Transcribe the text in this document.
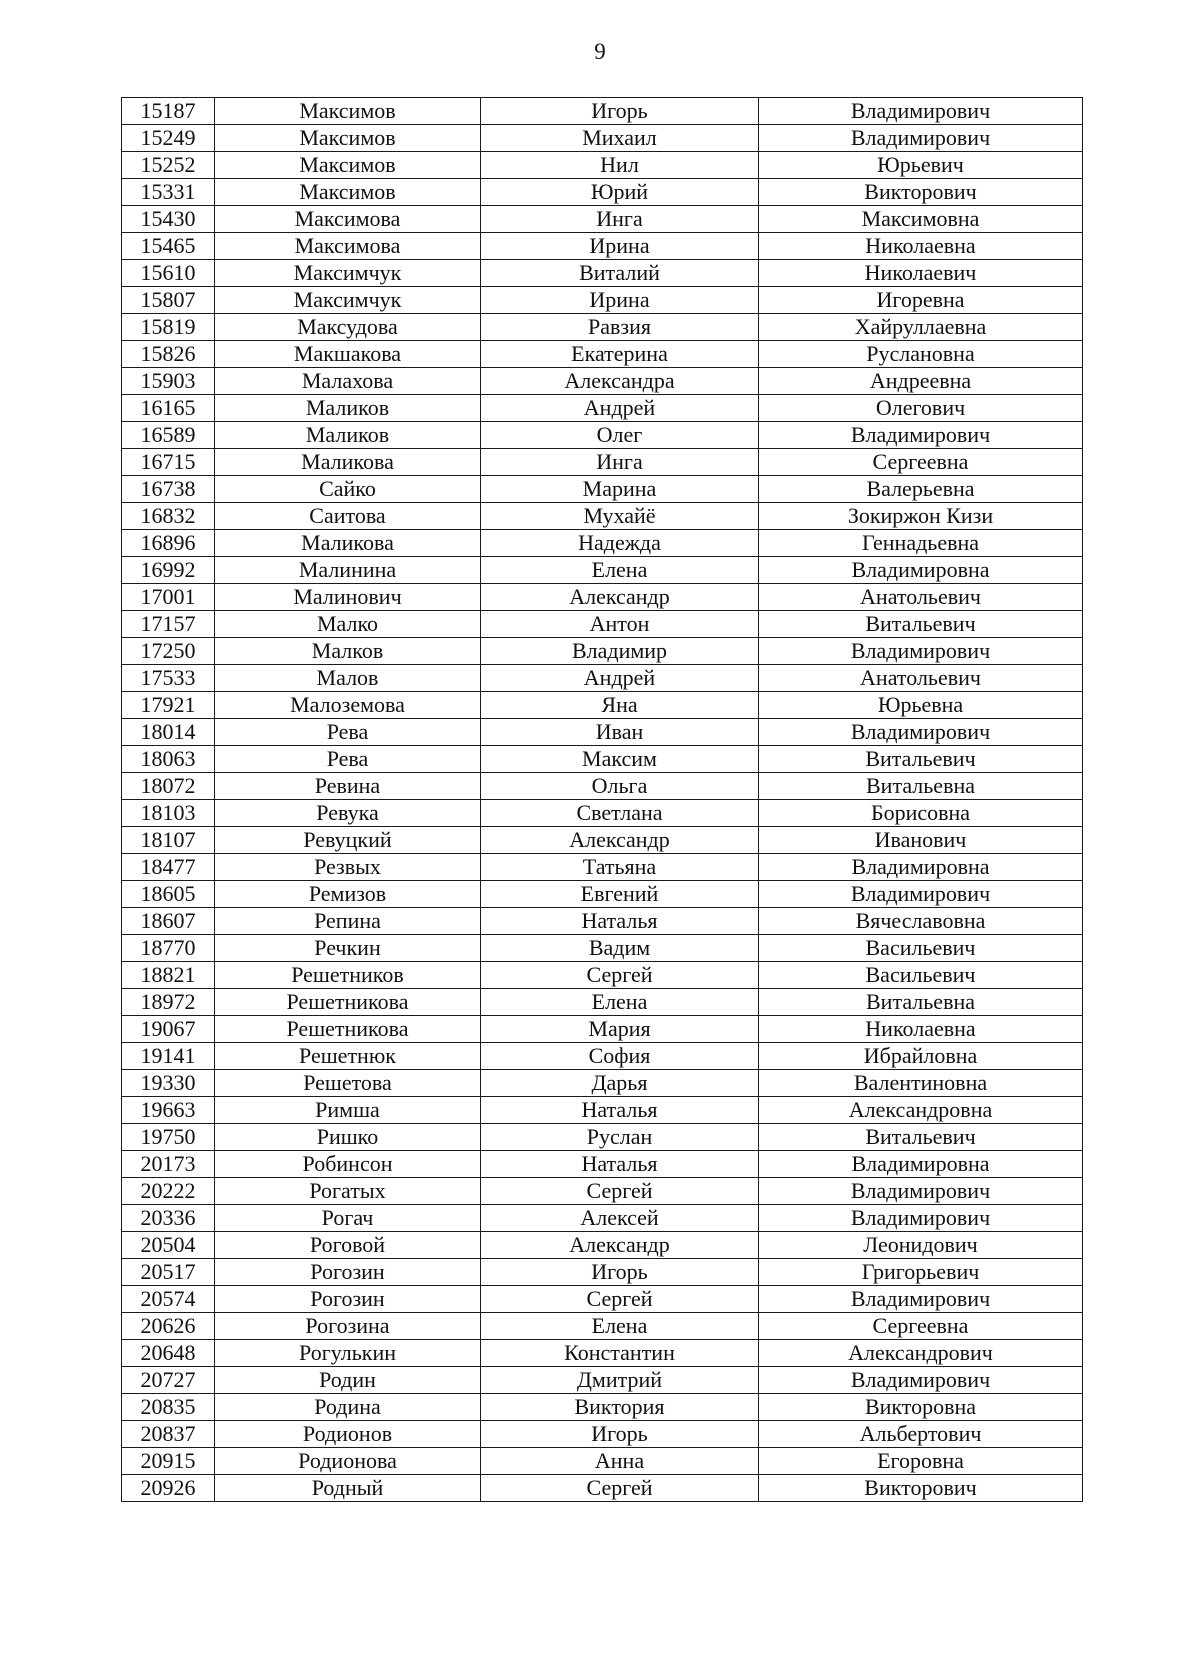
9
15187	Максимов	Игорь	Владимирович
15249	Максимов	Михаил	Владимирович
15252	Максимов	Нил	Юрьевич
15331	Максимов	Юрий	Викторович
15430	Максимова	Инга	Максимовна
15465	Максимова	Ирина	Николаевна
15610	Максимчук	Виталий	Николаевич
15807	Максимчук	Ирина	Игоревна
15819	Максудова	Равзия	Хайруллаевна
15826	Макшакова	Екатерина	Руслановна
15903	Малахова	Александра	Андреевна
16165	Маликов	Андрей	Олегович
16589	Маликов	Олег	Владимирович
16715	Маликова	Инга	Сергеевна
16738	Сайко	Марина	Валерьевна
16832	Саитова	Мухайё	Зокиржон Кизи
16896	Маликова	Надежда	Геннадьевна
16992	Малинина	Елена	Владимировна
17001	Малинович	Александр	Анатольевич
17157	Малко	Антон	Витальевич
17250	Малков	Владимир	Владимирович
17533	Малов	Андрей	Анатольевич
17921	Малоземова	Яна	Юрьевна
18014	Рева	Иван	Владимирович
18063	Рева	Максим	Витальевич
18072	Ревина	Ольга	Витальевна
18103	Ревука	Светлана	Борисовна
18107	Ревуцкий	Александр	Иванович
18477	Резвых	Татьяна	Владимировна
18605	Ремизов	Евгений	Владимирович
18607	Репина	Наталья	Вячеславовна
18770	Речкин	Вадим	Васильевич
18821	Решетников	Сергей	Васильевич
18972	Решетникова	Елена	Витальевна
19067	Решетникова	Мария	Николаевна
19141	Решетнюк	София	Ибрайловна
19330	Решетова	Дарья	Валентиновна
19663	Римша	Наталья	Александровна
19750	Ришко	Руслан	Витальевич
20173	Робинсон	Наталья	Владимировна
20222	Рогатых	Сергей	Владимирович
20336	Рогач	Алексей	Владимирович
20504	Роговой	Александр	Леонидович
20517	Рогозин	Игорь	Григорьевич
20574	Рогозин	Сергей	Владимирович
20626	Рогозина	Елена	Сергеевна
20648	Рогулькин	Константин	Александрович
20727	Родин	Дмитрий	Владимирович
20835	Родина	Виктория	Викторовна
20837	Родионов	Игорь	Альбертович
20915	Родионова	Анна	Егоровна
20926	Родный	Сергей	Викторович
